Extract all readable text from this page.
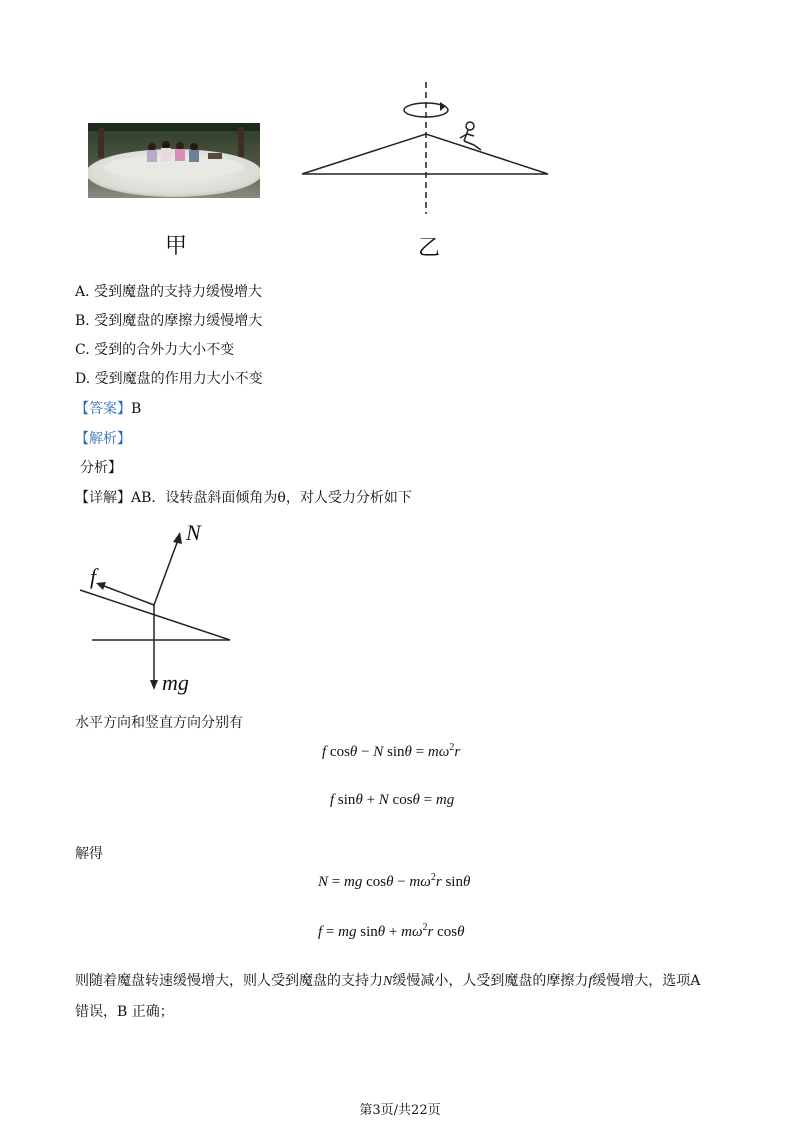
甲	乙
A. 受到魔盘的支持力缓慢增大
B. 受到魔盘的摩擦力缓慢增大
C. 受到的合外力大小不变
D. 受到魔盘的作用力大小不变
【答案】B
【解析】
分析】
【详解】AB．设转盘斜面倾角为θ，对人受力分析如下
N
f
mg
水平方向和竖直方向分别有
f cosθ − N $\sin\theta = m\omega^2r$
f sinθ + N cosθ = mg
解得
N = mg $\cos\theta - m\omega^2r$ sinθ
f = mg $\sin\theta + m\omega^2r$ cosθ
则随着魔盘转速缓慢增大，则人受到魔盘的支持力N缓慢减小，人受到魔盘的摩擦力f缓慢增大，选项A
错误，B 正确；
第3页/共22页
